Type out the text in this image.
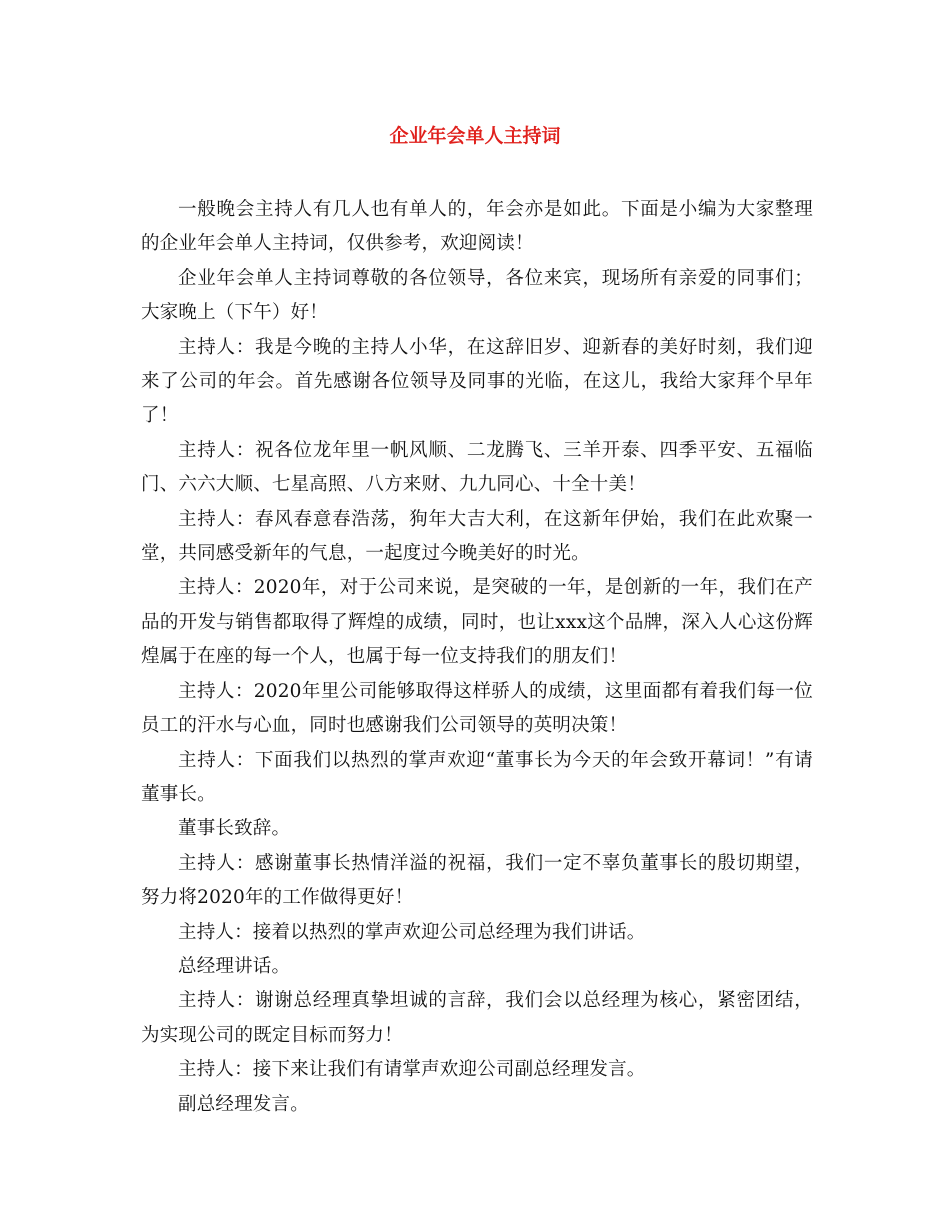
企业年会单人主持词

一般晚会主持人有几人也有单人的，年会亦是如此。下面是小编为大家整理的企业年会单人主持词，仅供参考，欢迎阅读！

企业年会单人主持词尊敬的各位领导，各位来宾，现场所有亲爱的同事们；大家晚上（下午）好！

主持人：我是今晚的主持人小华，在这辞旧岁、迎新春的美好时刻，我们迎来了公司的年会。首先感谢各位领导及同事的光临，在这儿，我给大家拜个早年了！

主持人：祝各位龙年里一帆风顺、二龙腾飞、三羊开泰、四季平安、五福临门、六六大顺、七星高照、八方来财、九九同心、十全十美！

主持人：春风春意春浩荡，狗年大吉大利，在这新年伊始，我们在此欢聚一堂，共同感受新年的气息，一起度过今晚美好的时光。

主持人：2020年，对于公司来说，是突破的一年，是创新的一年，我们在产品的开发与销售都取得了辉煌的成绩，同时，也让xxx这个品牌，深入人心这份辉煌属于在座的每一个人，也属于每一位支持我们的朋友们！

主持人：2020年里公司能够取得这样骄人的成绩，这里面都有着我们每一位员工的汗水与心血，同时也感谢我们公司领导的英明决策！

主持人：下面我们以热烈的掌声欢迎“董事长为今天的年会致开幕词！”有请董事长。

董事长致辞。

主持人：感谢董事长热情洋溢的祝福，我们一定不辜负董事长的殷切期望，努力将2020年的工作做得更好！

主持人：接着以热烈的掌声欢迎公司总经理为我们讲话。

总经理讲话。

主持人：谢谢总经理真挚坦诚的言辞，我们会以总经理为核心，紧密团结，为实现公司的既定目标而努力！

主持人：接下来让我们有请掌声欢迎公司副总经理发言。

副总经理发言。
